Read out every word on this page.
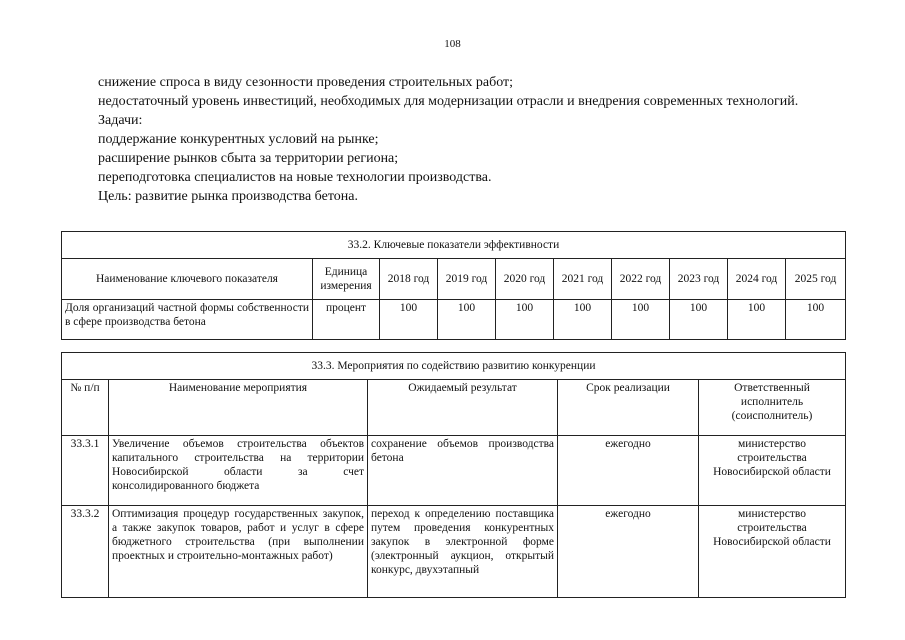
108

снижение спроса в виду сезонности проведения строительных работ;

недостаточный уровень инвестиций, необходимых для модернизации отрасли и внедрения современных технологий.

Задачи:

поддержание конкурентных условий на рынке;

расширение рынков сбыта за территории региона;

переподготовка специалистов на новые технологии производства.

Цель: развитие рынка производства бетона.

33.2. Ключевые показатели эффективности									
Наименование ключевого показателя	Единица измерения	2018 год	2019 год	2020 год	2021 год	2022 год	2023 год	2024 год	2025 год
Доля организаций частной формы собственности в сфере производства бетона	процент	100	100	100	100	100	100	100	100
33.3. Мероприятия по содействию развитию конкуренции				
№ п/п	Наименование мероприятия	Ожидаемый результат	Срок реализации	Ответственный исполнитель (соисполнитель)
33.3.1	Увеличение объемов строительства объектов капитального строительства на территории Новосибирской области за счет консолидированного бюджета	сохранение объемов производства бетона	ежегодно	министерство строительства Новосибирской области
33.3.2	Оптимизация процедур государственных закупок, а также закупок товаров, работ и услуг в сфере бюджетного строительства (при выполнении проектных и строительно-монтажных работ)	переход к определению поставщика путем проведения конкурентных закупок в электронной форме (электронный аукцион, открытый конкурс, двухэтапный	ежегодно	министерство строительства Новосибирской области
